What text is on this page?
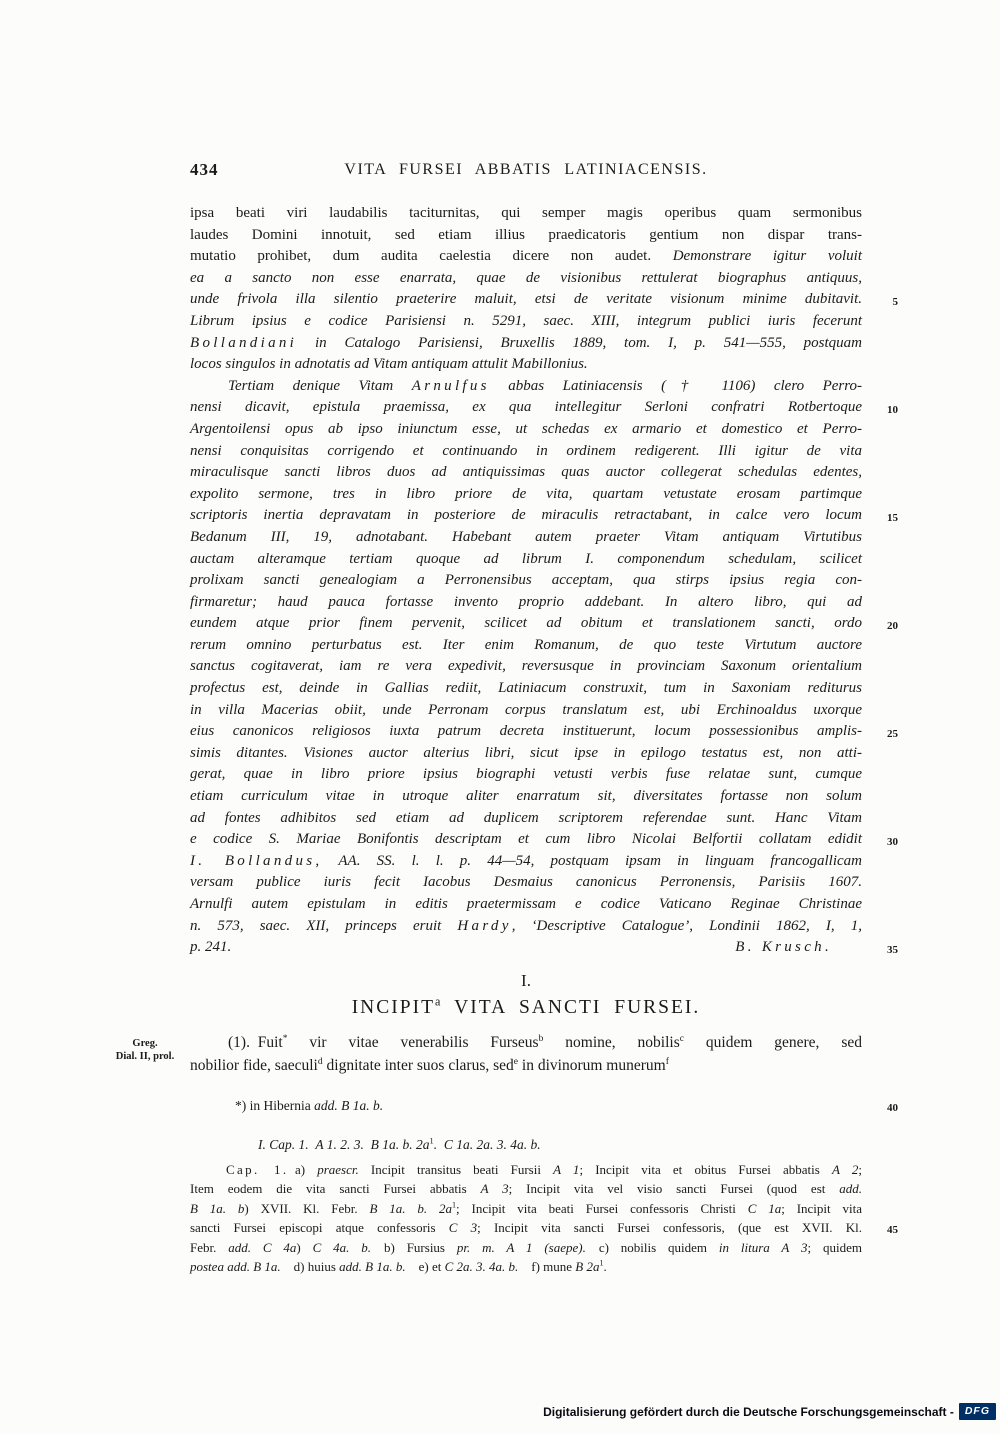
434	VITA FURSEI ABBATIS LATINIACENSIS.
ipsa beati viri laudabilis taciturnitas, qui semper magis operibus quam sermonibus
laudes Domini innotuit, sed etiam illius praedicatoris gentium non dispar trans-
mutatio prohibet, dum audita caelestia dicere non audet. Demonstrare igitur voluit
ea a sancto non esse enarrata, quae de visionibus rettulerat biographus antiquus,
unde frivola illa silentio praeterire maluit, etsi de veritate visionum minime dubitavit.	5
Librum ipsius e codice Parisiensi n. 5291, saec. XIII, integrum publici iuris fecerunt
Bollandiani in Catalogo Parisiensi, Bruxellis 1889, tom. I, p. 541—555, postquam
locos singulos in adnotatis ad Vitam antiquam attulit Mabillonius.
Tertiam denique Vitam Arnulfus abbas Latiniacensis († 1106) clero Perro-
nensi dicavit, epistula praemissa, ex qua intellegitur Serloni confratri Rotbertoque 10
Argentoilensi opus ab ipso iniunctum esse, ut schedas ex armario et domestico et Perro-
nensi conquisitas corrigendo et continuando in ordinem redigerent. Illi igitur de vita
miraculisque sancti libros duos ad antiquissimas quas auctor collegerat schedulas edentes,
expolito sermone, tres in libro priore de vita, quartam vetustate erosam partimque
scriptoris inertia depravatam in posteriore de miraculis retractabant, in calce vero locum 15
Bedanum III, 19, adnotabant. Habebant autem praeter Vitam antiquam Virtutibus
auctam alteramque tertiam quoque ad librum I. componendum schedulam, scilicet
prolixam sancti genealogiam a Perronensibus acceptam, qua stirps ipsius regia con-
firmaretur; haud pauca fortasse invento proprio addebant. In altero libro, qui ad
eundem atque prior finem pervenit, scilicet ad obitum et translationem sancti, ordo 20
rerum omnino perturbatus est. Iter enim Romanum, de quo teste Virtutum auctore
sanctus cogitaverat, iam re vera expedivit, reversusque in provinciam Saxonum orientalium
profectus est, deinde in Gallias rediit, Latiniacum construxit, tum in Saxoniam rediturus
in villa Macerias obiit, unde Perronam corpus translatum est, ubi Erchinoaldus uxorque
eius canonicos religiosos iuxta patrum decreta instituerunt, locum possessionibus amplis- 25
simis ditantes. Visiones auctor alterius libri, sicut ipse in epilogo testatus est, non atti-
gerat, quae in libro priore ipsius biographi vetusti verbis fuse relatae sunt, cumque
etiam curriculum vitae in utroque aliter enarratum sit, diversitates fortasse non solum
ad fontes adhibitos sed etiam ad duplicem scriptorem referendae sunt. Hanc Vitam
e codice S. Mariae Bonifontis descriptam et cum libro Nicolai Belfortii collatam edidit 30
I. Bollandus, AA. SS. l. l. p. 44—54, postquam ipsam in linguam francogallicam
versam publice iuris fecit Iacobus Desmaius canonicus Perronensis, Parisiis 1607.
Arnulfi autem epistulam in editis praetermissam e codice Vaticano Reginae Christinae
n. 573, saec. XII, princeps eruit Hardy, ‘Descriptive Catalogue’, Londinii 1862, I, 1,
p. 241.	B. Krusch.	35
I.
INCIPIT$^a$ VITA SANCTI FURSEI.
Greg.
Dial. II, prol.
(1). Fuit* vir vitae venerabilis Furseus$^b$ nomine, nobilis$^c$ quidem genere, sed
nobilior fide, saeculi$^d$ dignitate inter suos clarus, sed$^e$ in divinorum munerum$^f$
*) in Hibernia add. B 1a. b.	40
I. Cap. 1. A 1. 2. 3. B 1a. b. $2a^1$. C 1a. 2a. 3. 4a. b.
Cap. 1. a) praescr. Incipit transitus beati Fursii A 1; Incipit vita et obitus Fursei abbatis A 2;
Item eodem die vita sancti Fursei abbatis A 3; Incipit vita vel visio sancti Fursei (quod est add.
B 1a. b) XVII. Kl. Febr. B 1a. b. $2a^1$; Incipit vita beati Fursei confessoris Christi C 1a; Incipit vita
sancti Fursei episcopi atque confessoris C 3; Incipit vita sancti Fursei confessoris, (que est XVII. Kl. 45
Febr. add. C 4a) C 4a. b. b) Fursius pr. m. A 1 (saepe). c) nobilis quidem in litura A 3; quidem
postea add. B 1a. d) huius add. B 1a. b. e) et C 2a. 3. 4a. b. f) mune B $2a^1$.
Digitalisierung gefördert durch die Deutsche Forschungsgemeinschaft -	DFG
